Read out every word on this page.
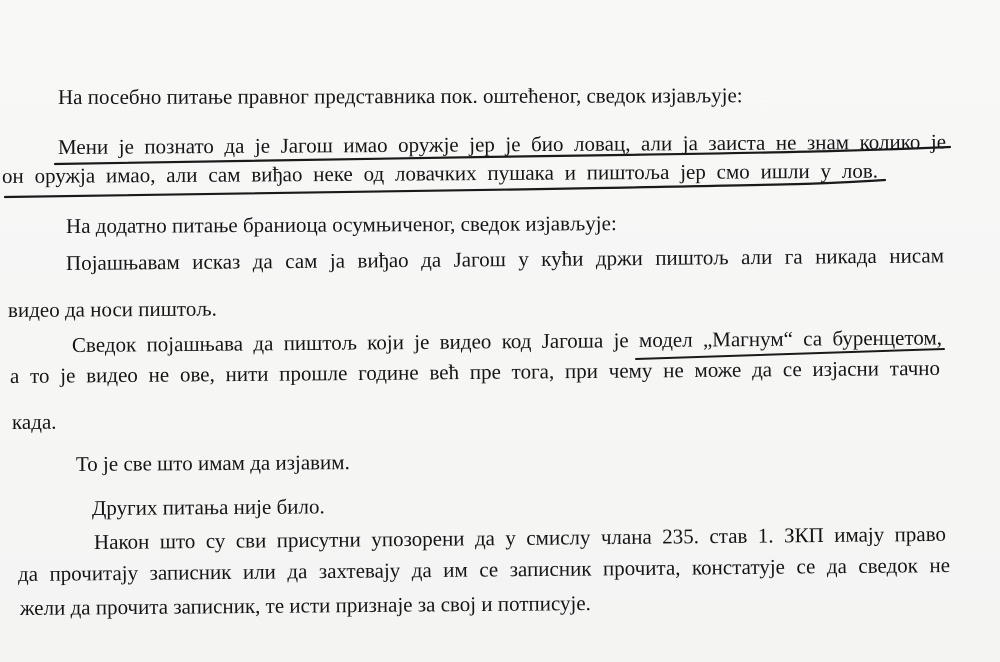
На посебно питање правног представника пок. оштећеног, сведок изјављује:
Мени је познато да је Јагош имао оружје јер је био ловац, али ја заиста не знам колико је
он оружја имао, али сам виђао неке од ловачких пушака и пиштоља јер смо ишли у лов.
На додатно питање браниоца осумњиченог, сведок изјављује:
Појашњавам исказ да сам ја виђао да Јагош у кући држи пиштољ али га никада нисам
видео да носи пиштољ.
Сведок појашњава да пиштољ који је видео код Јагоша је модел „Магнум“ са буренцетом,
а то је видео не ове, нити прошле године већ пре тога, при чему не може да се изјасни тачно
када.
То је све што имам да изјавим.
Других питања није било.
Након што су сви присутни упозорени да у смислу члана 235. став 1. ЗКП имају право
да прочитају записник или да захтевају да им се записник прочита, констатује се да сведок не
жели да прочита записник, те исти признаје за свој и потписује.
